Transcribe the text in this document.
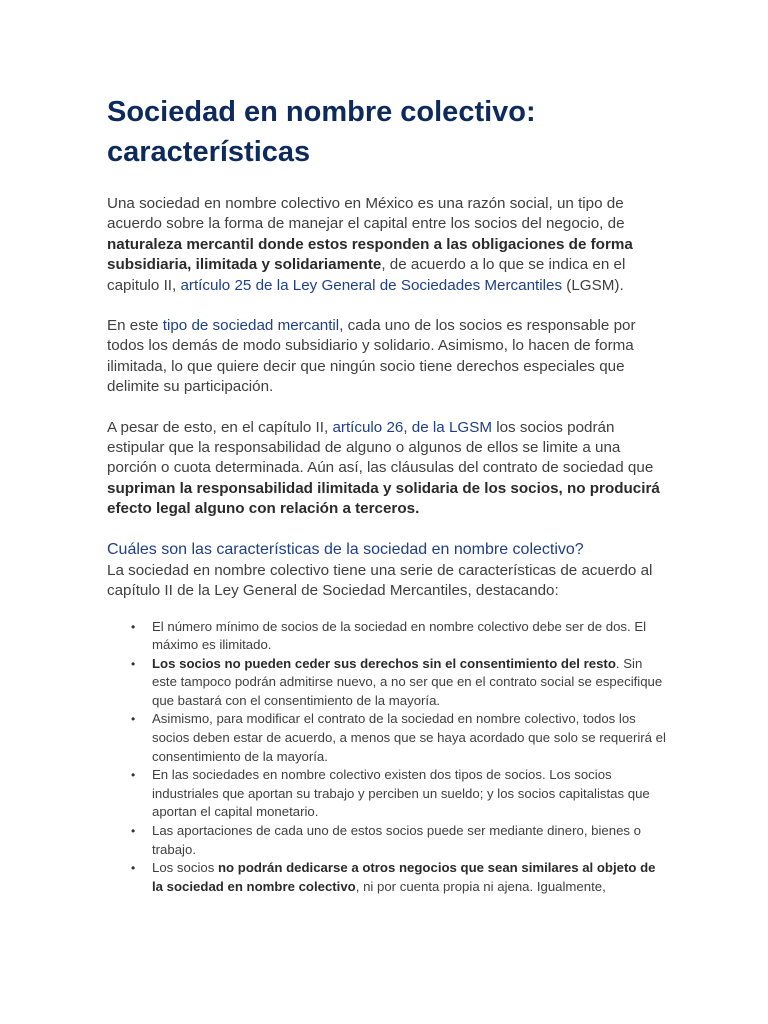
Sociedad en nombre colectivo:
características

Una sociedad en nombre colectivo en México es una razón social, un tipo de acuerdo sobre la forma de manejar el capital entre los socios del negocio, de naturaleza mercantil donde estos responden a las obligaciones de forma subsidiaria, ilimitada y solidariamente, de acuerdo a lo que se indica en el capitulo II, artículo 25 de la Ley General de Sociedades Mercantiles (LGSM).

En este tipo de sociedad mercantil, cada uno de los socios es responsable por todos los demás de modo subsidiario y solidario. Asimismo, lo hacen de forma ilimitada, lo que quiere decir que ningún socio tiene derechos especiales que delimite su participación.

A pesar de esto, en el capítulo II, artículo 26, de la LGSM los socios podrán estipular que la responsabilidad de alguno o algunos de ellos se limite a una porción o cuota determinada. Aún así, las cláusulas del contrato de sociedad que supriman la responsabilidad ilimitada y solidaria de los socios, no producirá efecto legal alguno con relación a terceros.

Cuáles son las características de la sociedad en nombre colectivo?

La sociedad en nombre colectivo tiene una serie de características de acuerdo al capítulo II de la Ley General de Sociedad Mercantiles, destacando:

• El número mínimo de socios de la sociedad en nombre colectivo debe ser de dos. El máximo es ilimitado.
• Los socios no pueden ceder sus derechos sin el consentimiento del resto. Sin este tampoco podrán admitirse nuevo, a no ser que en el contrato social se especifique que bastará con el consentimiento de la mayoría.
• Asimismo, para modificar el contrato de la sociedad en nombre colectivo, todos los socios deben estar de acuerdo, a menos que se haya acordado que solo se requerirá el consentimiento de la mayoría.
• En las sociedades en nombre colectivo existen dos tipos de socios. Los socios industriales que aportan su trabajo y perciben un sueldo; y los socios capitalistas que aportan el capital monetario.
• Las aportaciones de cada uno de estos socios puede ser mediante dinero, bienes o trabajo.
• Los socios no podrán dedicarse a otros negocios que sean similares al objeto de la sociedad en nombre colectivo, ni por cuenta propia ni ajena. Igualmente,
